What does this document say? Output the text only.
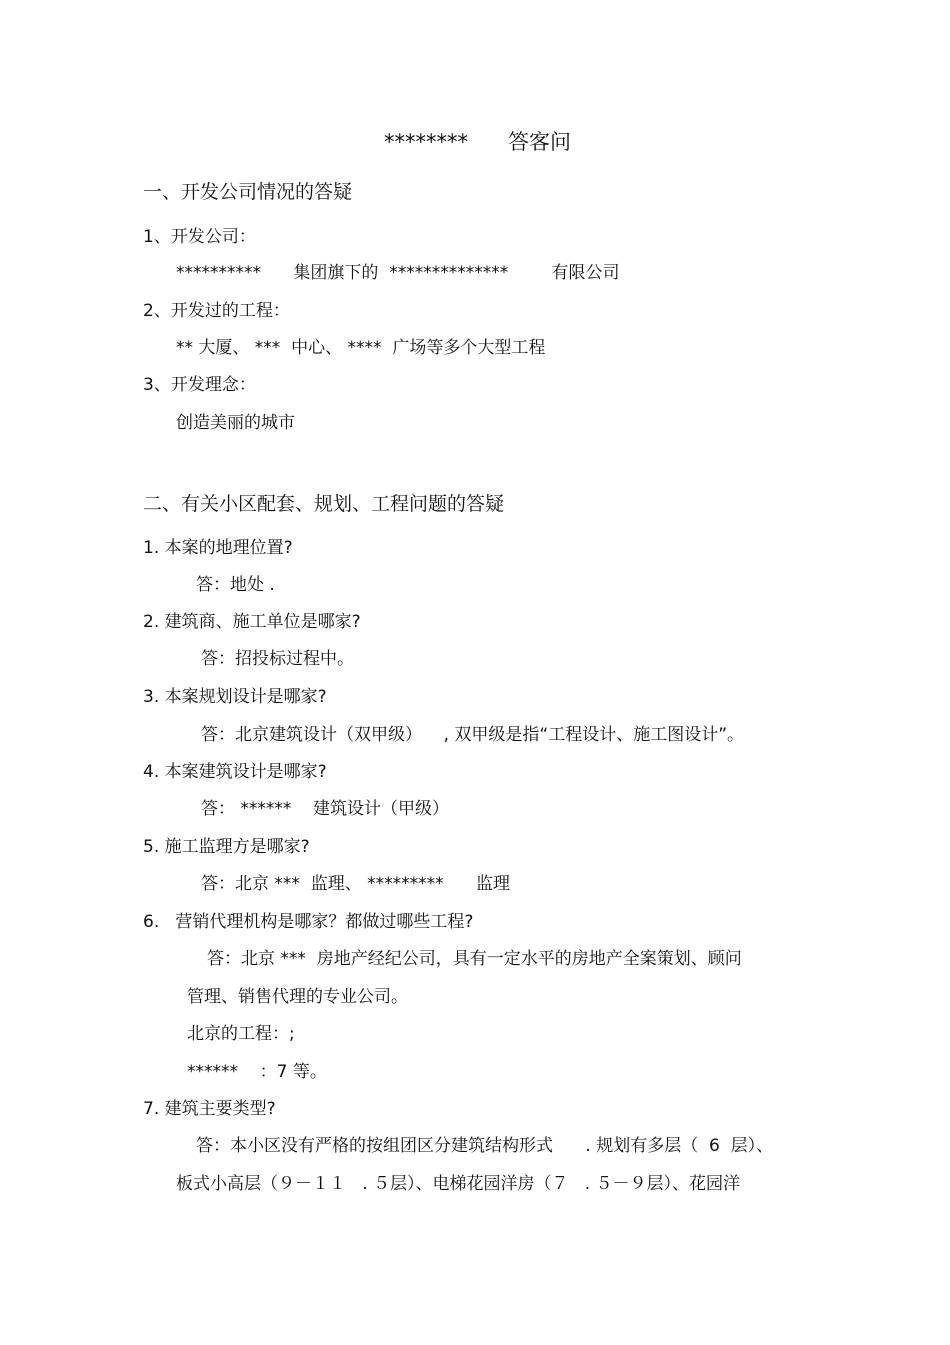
********      答客问
一、开发公司情况的答疑
1、开发公司：
**********      集团旗下的  **************        有限公司
2、开发过的工程：
** 大厦、 ***  中心、 ****  广场等多个大型工程
3、开发理念：
创造美丽的城市
二、有关小区配套、规划、工程问题的答疑
1. 本案的地理位置?
答：地处 .
2. 建筑商、施工单位是哪家?
答：招投标过程中。
3. 本案规划设计是哪家?
答：北京建筑设计（双甲级）    , 双甲级是指“工程设计、施工图设计”。
4. 本案建筑设计是哪家?
答： ******    建筑设计（甲级）
5. 施工监理方是哪家?
答：北京 ***  监理、 *********      监理
6.   营销代理机构是哪家？都做过哪些工程?
答：北京 ***  房地产经纪公司，具有一定水平的房地产全案策划、顾问
管理、销售代理的专业公司。
北京的工程：;
******    ：7 等。
7. 建筑主要类型?
答：本小区没有严格的按组团区分建筑结构形式      . 规划有多层（  6  层）、
板式小高层（９－１１   . ５层）、电梯花园洋房（７   . ５－９层）、花园洋
